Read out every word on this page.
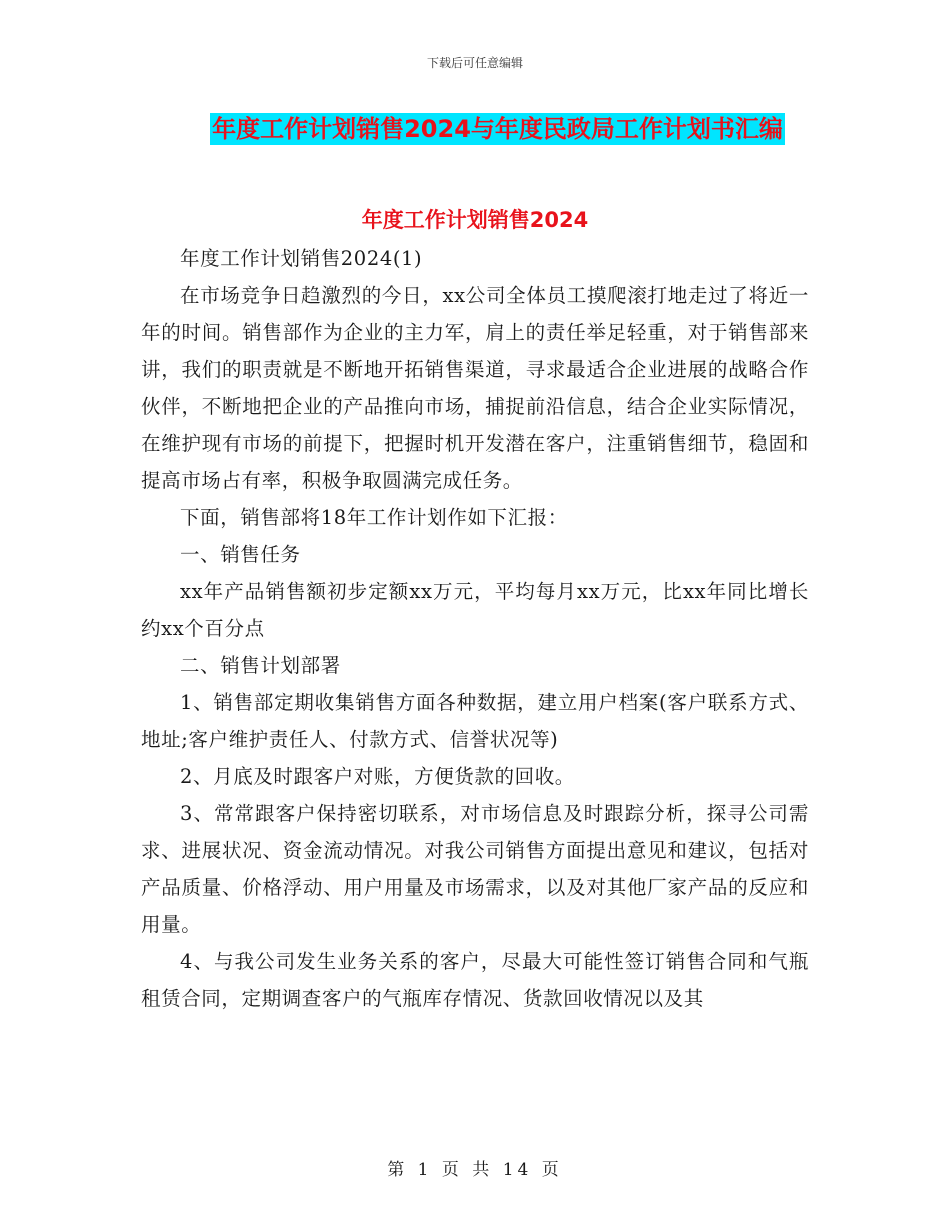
下载后可任意编辑
年度工作计划销售2024与年度民政局工作计划书汇编
年度工作计划销售2024

年度工作计划销售2024(1)

在市场竞争日趋激烈的今日，xx公司全体员工摸爬滚打地走过了将近一年的时间。销售部作为企业的主力军，肩上的责任举足轻重，对于销售部来讲，我们的职责就是不断地开拓销售渠道，寻求最适合企业进展的战略合作伙伴，不断地把企业的产品推向市场，捕捉前沿信息，结合企业实际情况，在维护现有市场的前提下，把握时机开发潜在客户，注重销售细节，稳固和提高市场占有率，积极争取圆满完成任务。

下面，销售部将18年工作计划作如下汇报：

一、销售任务

xx年产品销售额初步定额xx万元，平均每月xx万元，比xx年同比增长约xx个百分点

二、销售计划部署

1、销售部定期收集销售方面各种数据，建立用户档案(客户联系方式、地址;客户维护责任人、付款方式、信誉状况等)

2、月底及时跟客户对账，方便货款的回收。

3、常常跟客户保持密切联系，对市场信息及时跟踪分析，探寻公司需求、进展状况、资金流动情况。对我公司销售方面提出意见和建议，包括对产品质量、价格浮动、用户用量及市场需求，以及对其他厂家产品的反应和用量。

4、与我公司发生业务关系的客户，尽最大可能性签订销售合同和气瓶租赁合同，定期调查客户的气瓶库存情况、货款回收情况以及其

第 1 页 共 14 页
